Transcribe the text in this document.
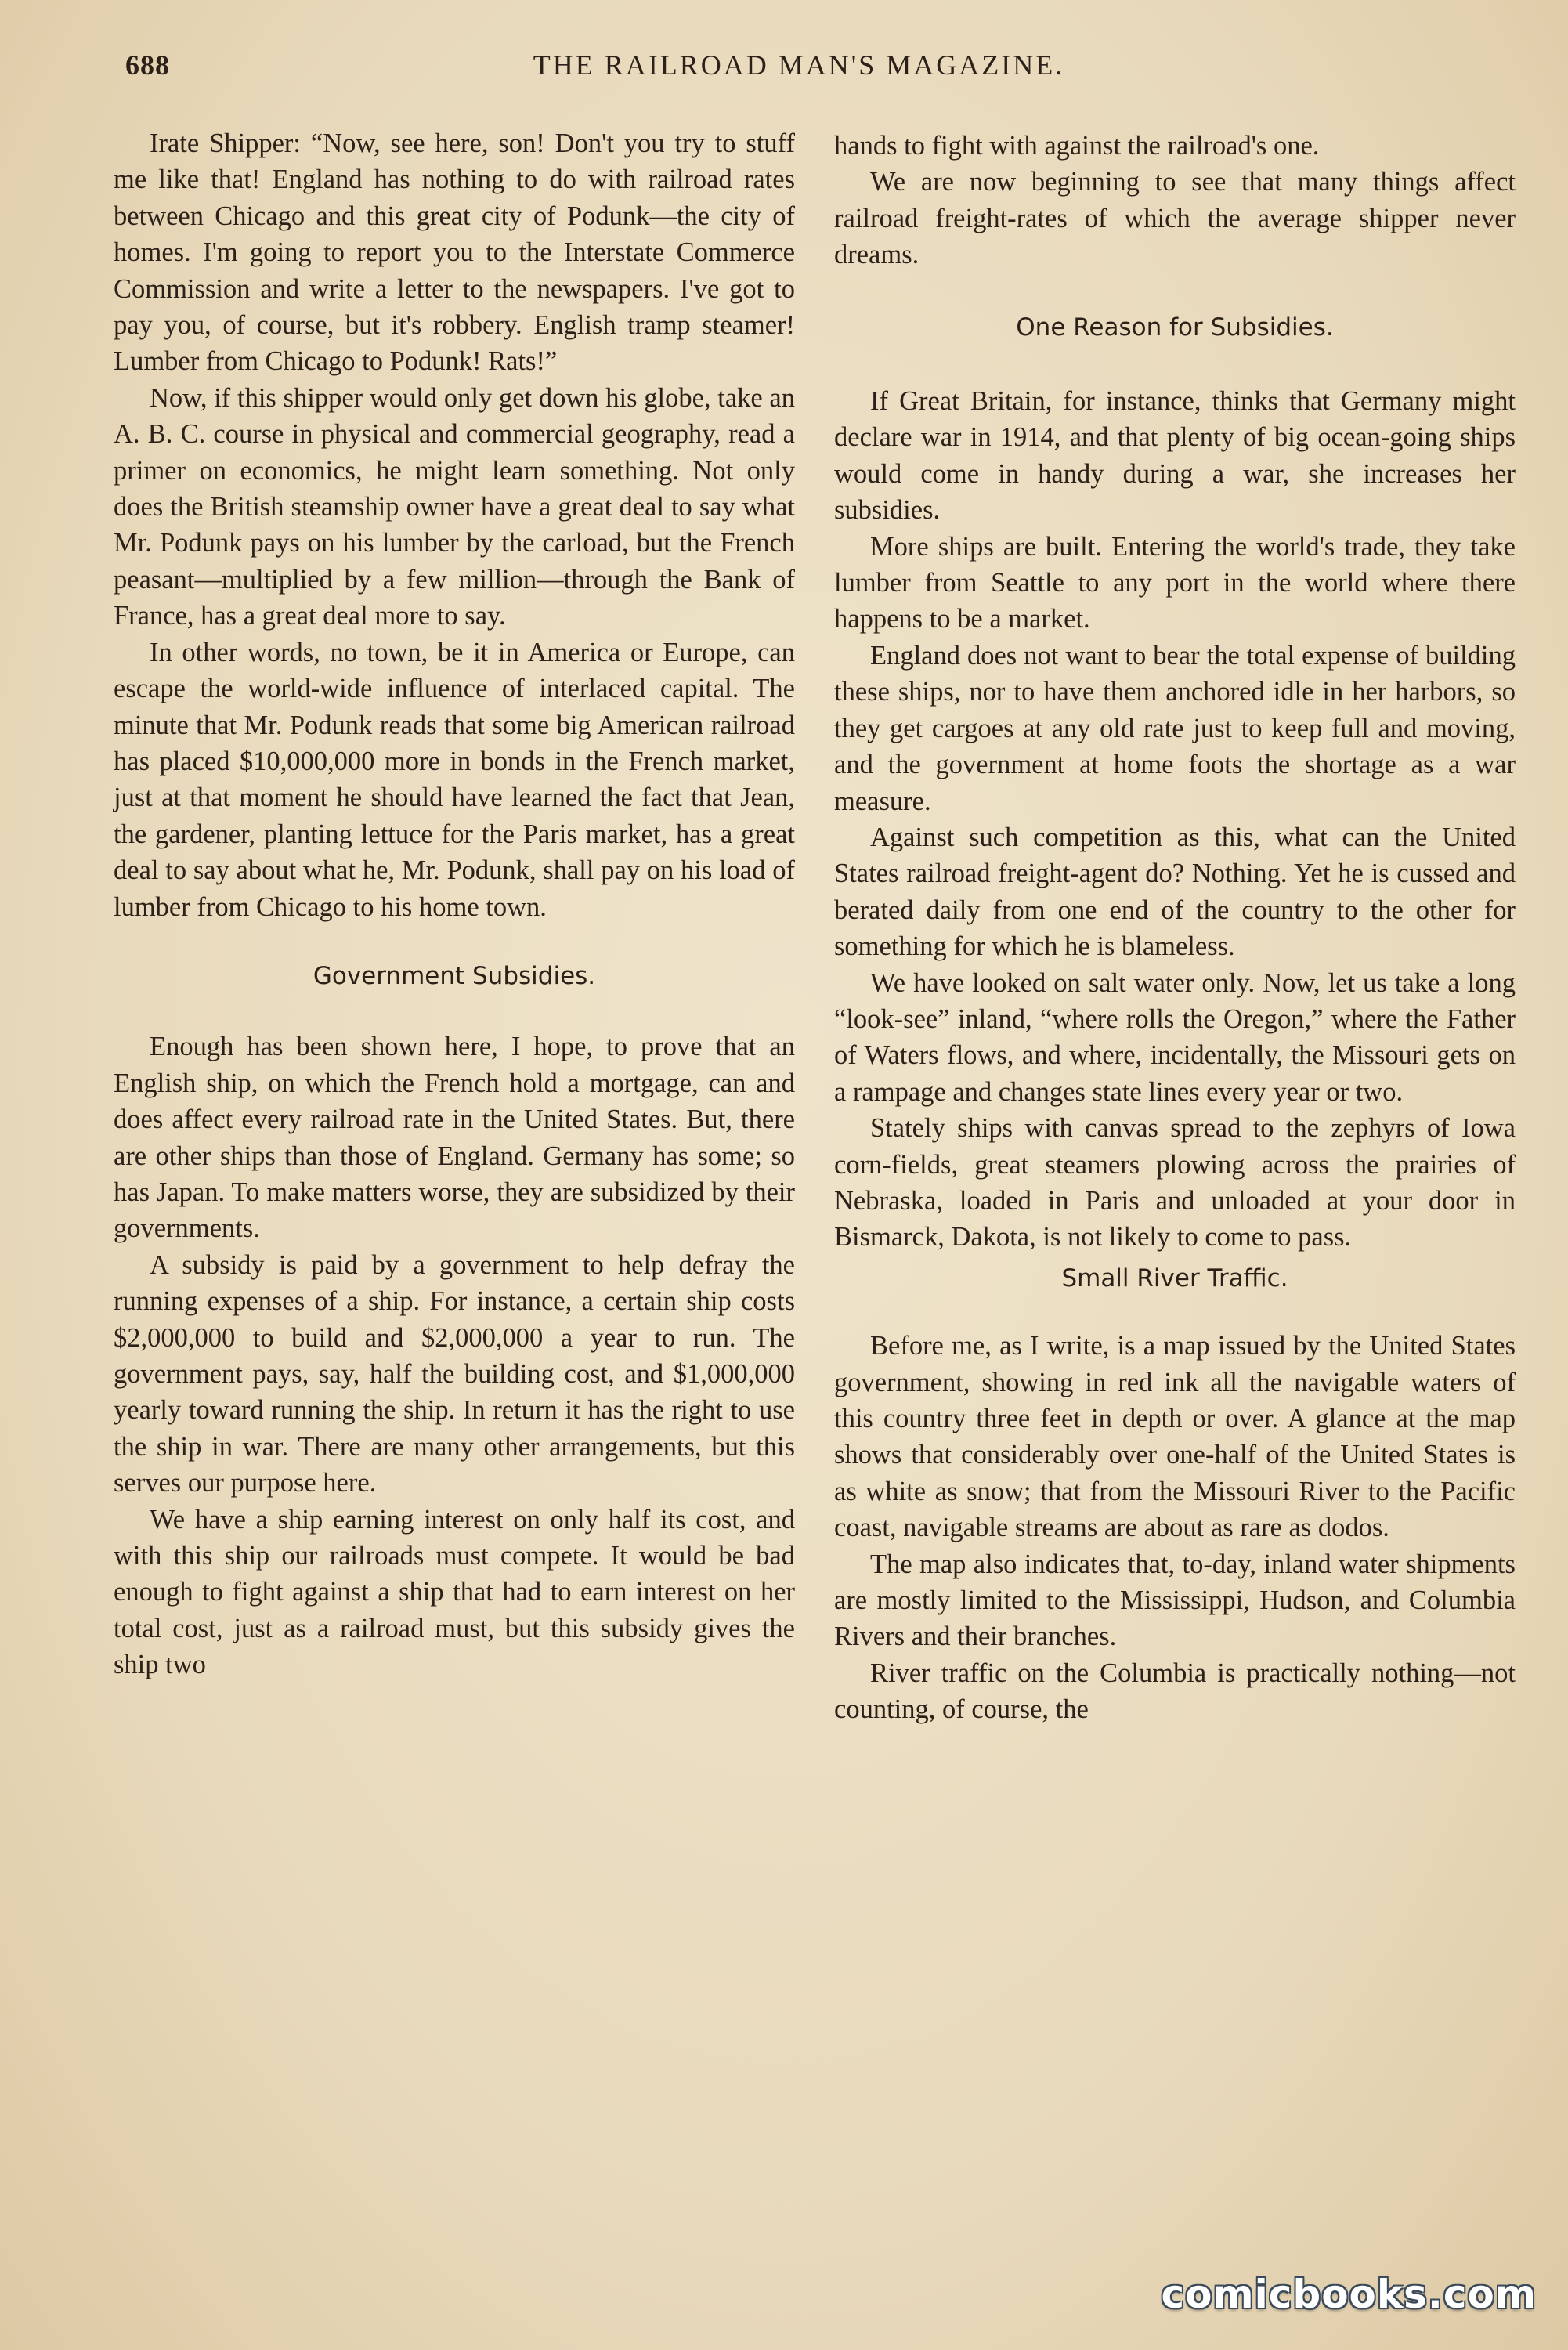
688	THE RAILROAD MAN'S MAGAZINE.

Irate Shipper: “Now, see here, son! Don't you try to stuff me like that! England has nothing to do with railroad rates between Chicago and this great city of Podunk—the city of homes. I'm going to report you to the Interstate Commerce Commission and write a letter to the newspapers. I've got to pay you, of course, but it's robbery. English tramp steamer! Lumber from Chicago to Podunk! Rats!”

Now, if this shipper would only get down his globe, take an A. B. C. course in physical and commercial geography, read a primer on economics, he might learn something. Not only does the British steamship owner have a great deal to say what Mr. Podunk pays on his lumber by the carload, but the French peasant—multiplied by a few million—through the Bank of France, has a great deal more to say.

In other words, no town, be it in America or Europe, can escape the world-wide influence of interlaced capital. The minute that Mr. Podunk reads that some big American railroad has placed $10,000,000 more in bonds in the French market, just at that moment he should have learned the fact that Jean, the gardener, planting lettuce for the Paris market, has a great deal to say about what he, Mr. Podunk, shall pay on his load of lumber from Chicago to his home town.

Government Subsidies.

Enough has been shown here, I hope, to prove that an English ship, on which the French hold a mortgage, can and does affect every railroad rate in the United States. But, there are other ships than those of England. Germany has some; so has Japan. To make matters worse, they are subsidized by their governments.

A subsidy is paid by a government to help defray the running expenses of a ship. For instance, a certain ship costs $2,000,000 to build and $2,000,000 a year to run. The government pays, say, half the building cost, and $1,000,000 yearly toward running the ship. In return it has the right to use the ship in war. There are many other arrangements, but this serves our purpose here.

We have a ship earning interest on only half its cost, and with this ship our railroads must compete. It would be bad enough to fight against a ship that had to earn interest on her total cost, just as a railroad must, but this subsidy gives the ship two

hands to fight with against the railroad's one.

We are now beginning to see that many things affect railroad freight-rates of which the average shipper never dreams.

One Reason for Subsidies.

If Great Britain, for instance, thinks that Germany might declare war in 1914, and that plenty of big ocean-going ships would come in handy during a war, she increases her subsidies.

More ships are built. Entering the world's trade, they take lumber from Seattle to any port in the world where there happens to be a market.

England does not want to bear the total expense of building these ships, nor to have them anchored idle in her harbors, so they get cargoes at any old rate just to keep full and moving, and the government at home foots the shortage as a war measure.

Against such competition as this, what can the United States railroad freight-agent do? Nothing. Yet he is cussed and berated daily from one end of the country to the other for something for which he is blameless.

We have looked on salt water only. Now, let us take a long “look-see” inland, “where rolls the Oregon,” where the Father of Waters flows, and where, incidentally, the Missouri gets on a rampage and changes state lines every year or two.

Stately ships with canvas spread to the zephyrs of Iowa corn-fields, great steamers plowing across the prairies of Nebraska, loaded in Paris and unloaded at your door in Bismarck, Dakota, is not likely to come to pass.

Small River Traffic.

Before me, as I write, is a map issued by the United States government, showing in red ink all the navigable waters of this country three feet in depth or over. A glance at the map shows that considerably over one-half of the United States is as white as snow; that from the Missouri River to the Pacific coast, navigable streams are about as rare as dodos.

The map also indicates that, to-day, inland water shipments are mostly limited to the Mississippi, Hudson, and Columbia Rivers and their branches.

River traffic on the Columbia is practically nothing—not counting, of course, the

comicbooks.com
